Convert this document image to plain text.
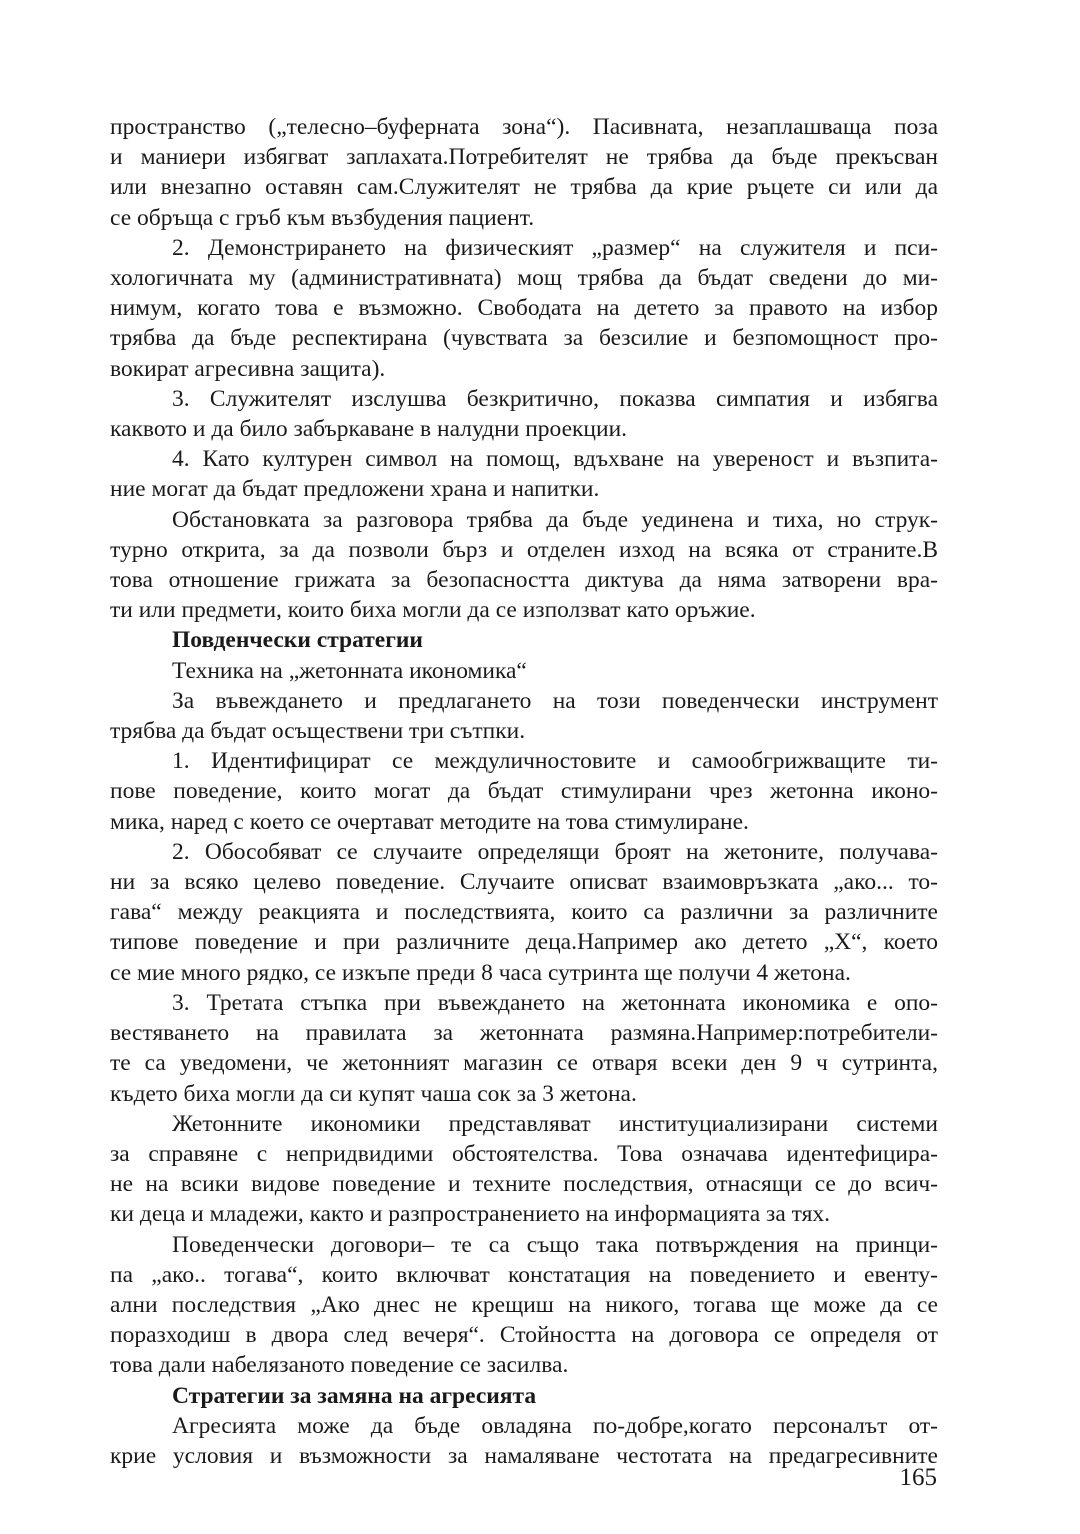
пространство („телесно–буферната зона“). Пасивната, незаплашваща поза
и маниери избягват заплахата.Потребителят не трябва да бъде прекъсван
или внезапно оставян сам.Служителят не трябва да крие ръцете си или да
се обръща с гръб към възбудения пациент.
2. Демонстрирането на физическият „размер“ на служителя и пси-
хологичната му (административната) мощ трябва да бъдат сведени до ми-
нимум, когато това е възможно. Свободата на детето за правото на избор
трябва да бъде респектирана (чувствата за безсилие и безпомощност про-
вокират агресивна защита).
3. Служителят изслушва безкритично, показва симпатия и избягва
каквото и да било забъркаване в налудни проекции.
4. Като културен символ на помощ, вдъхване на увереност и възпита-
ние могат да бъдат предложени храна и напитки.
Обстановката за разговора трябва да бъде уединена и тиха, но струк-
турно открита, за да позволи бърз и отделен изход на всяка от страните.В
това отношение грижата за безопасността диктува да няма затворени вра-
ти или предмети, които биха могли да се използват като оръжие.
Повденчески стратегии
Техника на „жетонната икономика“
За въвеждането и предлагането на този поведенчески инструмент
трябва да бъдат осъществени три сътпки.
1. Идентифицират се междуличностовите и самообгрижващите ти-
пове поведение, които могат да бъдат стимулирани чрез жетонна иконо-
мика, наред с което се очертават методите на това стимулиране.
2. Обособяват се случаите определящи броят на жетоните, получава-
ни за всяко целево поведение. Случаите описват взаимовръзката „ако... то-
гава“ между реакцията и последствията, които са различни за различните
типове поведение и при различните деца.Например ако детето „Х“, което
се мие много рядко, се изкъпе преди 8 часа сутринта ще получи 4 жетона.
3. Третата стъпка при въвеждането на жетонната икономика е опо-
вестяването на правилата за жетонната размяна.Например:потребители-
те са уведомени, че жетонният магазин се отваря всеки ден 9 ч сутринта,
където биха могли да си купят чаша сок за 3 жетона.
Жетонните икономики представляват институциализирани системи
за справяне с непридвидими обстоятелства. Това означава идентефицира-
не на всики видове поведение и техните последствия, отнасящи се до всич-
ки деца и младежи, както и разпространението на информацията за тях.
Поведенчески договори– те са също така потвърждения на принци-
па „ако.. тогава“, които включват констатация на поведението и евенту-
ални последствия „Ако днес не крещиш на никого, тогава ще може да се
поразходиш в двора след вечеря“. Стойността на договора се определя от
това дали набелязаното поведение се засилва.
Стратегии за замяна на агресията
Агресията може да бъде овладяна по-добре,когато персоналът от-
крие условия и възможности за намаляване честотата на предагресивните
165
